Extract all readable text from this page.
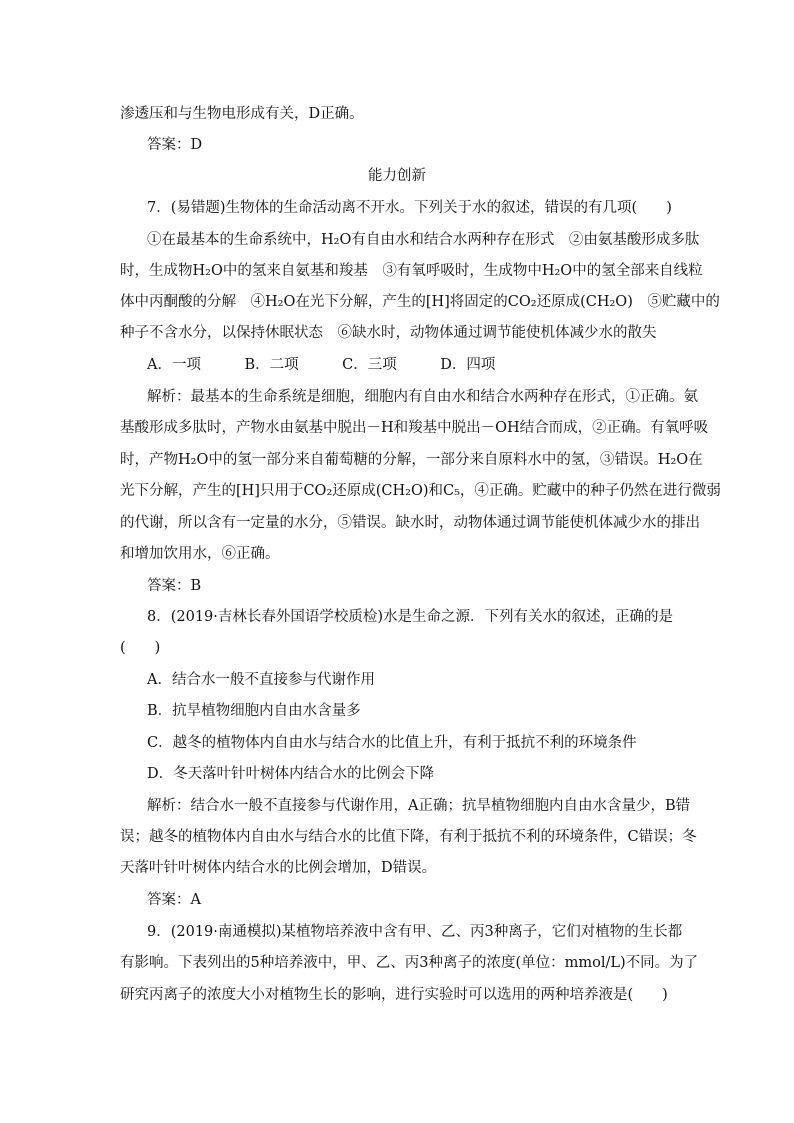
渗透压和与生物电形成有关，D正确。
答案：D
能力创新
7．(易错题)生物体的生命活动离不开水。下列关于水的叙述，错误的有几项(　　)
①在最基本的生命系统中，H₂O有自由水和结合水两种存在形式　②由氨基酸形成多肽
时，生成物H₂O中的氢来自氨基和羧基　③有氧呼吸时，生成物中H₂O中的氢全部来自线粒
体中丙酮酸的分解　④H₂O在光下分解，产生的[H]将固定的CO₂还原成(CH₂O)　⑤贮藏中的
种子不含水分，以保持休眠状态　⑥缺水时，动物体通过调节能使机体减少水的散失
A．一项　　　B．二项　　　C．三项　　　D．四项
解析：最基本的生命系统是细胞，细胞内有自由水和结合水两种存在形式，①正确。氨
基酸形成多肽时，产物水由氨基中脱出－H和羧基中脱出－OH结合而成，②正确。有氧呼吸
时，产物H₂O中的氢一部分来自葡萄糖的分解，一部分来自原料水中的氢，③错误。H₂O在
光下分解，产生的[H]只用于CO₂还原成(CH₂O)和C₅，④正确。贮藏中的种子仍然在进行微弱
的代谢，所以含有一定量的水分，⑤错误。缺水时，动物体通过调节能使机体减少水的排出
和增加饮用水，⑥正确。
答案：B
8．(2019·吉林长春外国语学校质检)水是生命之源．下列有关水的叙述，正确的是
(　　)
A．结合水一般不直接参与代谢作用
B．抗旱植物细胞内自由水含量多
C．越冬的植物体内自由水与结合水的比值上升，有利于抵抗不利的环境条件
D．冬天落叶针叶树体内结合水的比例会下降
解析：结合水一般不直接参与代谢作用，A正确；抗旱植物细胞内自由水含量少，B错
误；越冬的植物体内自由水与结合水的比值下降，有利于抵抗不利的环境条件，C错误；冬
天落叶针叶树体内结合水的比例会增加，D错误。
答案：A
9．(2019·南通模拟)某植物培养液中含有甲、乙、丙3种离子，它们对植物的生长都
有影响。下表列出的5种培养液中，甲、乙、丙3种离子的浓度(单位：mmol/L)不同。为了
研究丙离子的浓度大小对植物生长的影响，进行实验时可以选用的两种培养液是(　　)
